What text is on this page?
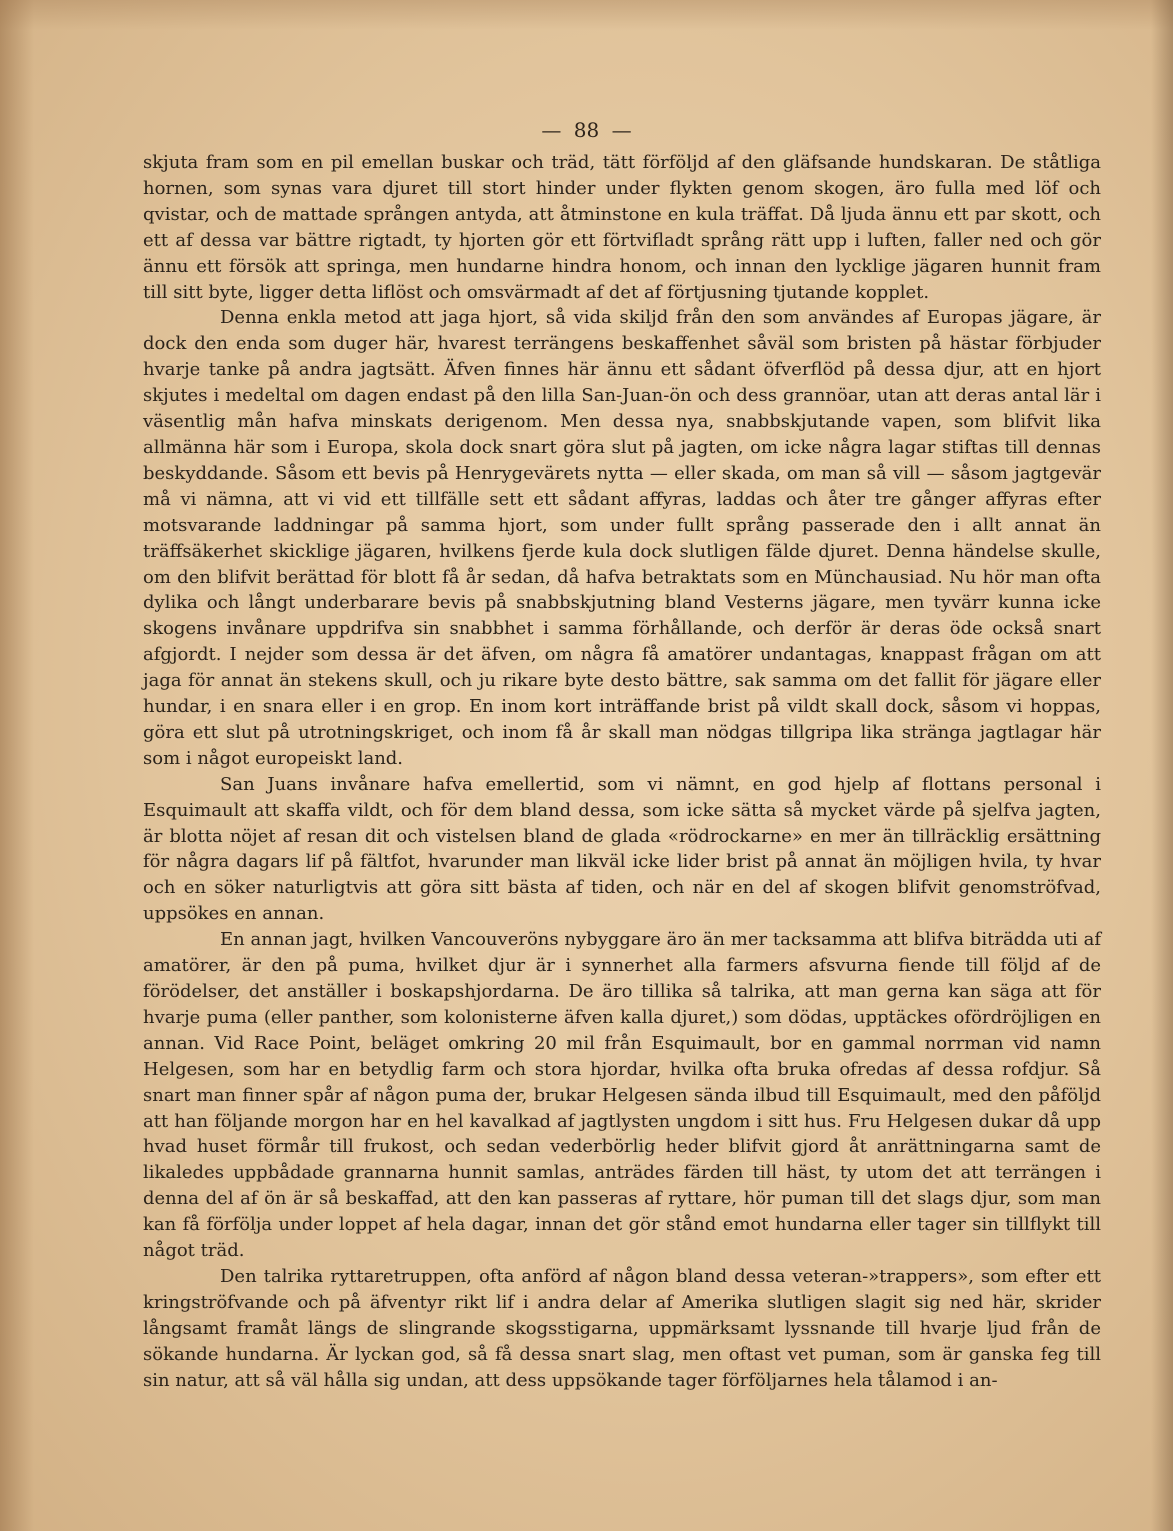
— 88 —

skjuta fram som en pil emellan buskar och träd, tätt förföljd af den gläfsande hundskaran. De ståtliga hornen, som synas vara djuret till stort hinder under flykten genom skogen, äro fulla med löf och qvistar, och de mattade sprången antyda, att åtminstone en kula träffat. Då ljuda ännu ett par skott, och ett af dessa var bättre rigtadt, ty hjorten gör ett förtvifladt språng rätt upp i luften, faller ned och gör ännu ett försök att springa, men hundarne hindra honom, och innan den lycklige jägaren hunnit fram till sitt byte, ligger detta liflöst och omsvärmadt af det af förtjusning tjutande kopplet.

Denna enkla metod att jaga hjort, så vida skiljd från den som användes af Europas jägare, är dock den enda som duger här, hvarest terrängens beskaffenhet såväl som bristen på hästar förbjuder hvarje tanke på andra jagtsätt. Äfven finnes här ännu ett sådant öfverflöd på dessa djur, att en hjort skjutes i medeltal om dagen endast på den lilla San-Juan-ön och dess grannöar, utan att deras antal lär i väsentlig mån hafva minskats derigenom. Men dessa nya, snabbskjutande vapen, som blifvit lika allmänna här som i Europa, skola dock snart göra slut på jagten, om icke några lagar stiftas till dennas beskyddande. Såsom ett bevis på Henrygevärets nytta — eller skada, om man så vill — såsom jagtgevär må vi nämna, att vi vid ett tillfälle sett ett sådant affyras, laddas och åter tre gånger affyras efter motsvarande laddningar på samma hjort, som under fullt språng passerade den i allt annat än träffsäkerhet skicklige jägaren, hvilkens fjerde kula dock slutligen fälde djuret. Denna händelse skulle, om den blifvit berättad för blott få år sedan, då hafva betraktats som en Münchausiad. Nu hör man ofta dylika och långt underbarare bevis på snabbskjutning bland Vesterns jägare, men tyvärr kunna icke skogens invånare uppdrifva sin snabbhet i samma förhållande, och derför är deras öde också snart afgjordt. I nejder som dessa är det äfven, om några få amatörer undantagas, knappast frågan om att jaga för annat än stekens skull, och ju rikare byte desto bättre, sak samma om det fallit för jägare eller hundar, i en snara eller i en grop. En inom kort inträffande brist på vildt skall dock, såsom vi hoppas, göra ett slut på utrotningskriget, och inom få år skall man nödgas tillgripa lika stränga jagtlagar här som i något europeiskt land.

San Juans invånare hafva emellertid, som vi nämnt, en god hjelp af flottans personal i Esquimault att skaffa vildt, och för dem bland dessa, som icke sätta så mycket värde på sjelfva jagten, är blotta nöjet af resan dit och vistelsen bland de glada «rödrockarne» en mer än tillräcklig ersättning för några dagars lif på fältfot, hvarunder man likväl icke lider brist på annat än möjligen hvila, ty hvar och en söker naturligtvis att göra sitt bästa af tiden, och när en del af skogen blifvit genomströfvad, uppsökes en annan.

En annan jagt, hvilken Vancouveröns nybyggare äro än mer tacksamma att blifva biträdda uti af amatörer, är den på puma, hvilket djur är i synnerhet alla farmers afsvurna fiende till följd af de förödelser, det anställer i boskapshjordarna. De äro tillika så talrika, att man gerna kan säga att för hvarje puma (eller panther, som kolonisterne äfven kalla djuret,) som dödas, upptäckes ofördröjligen en annan. Vid Race Point, beläget omkring 20 mil från Esquimault, bor en gammal norrman vid namn Helgesen, som har en betydlig farm och stora hjordar, hvilka ofta bruka ofredas af dessa rofdjur. Så snart man finner spår af någon puma der, brukar Helgesen sända ilbud till Esquimault, med den påföljd att han följande morgon har en hel kavalkad af jagtlysten ungdom i sitt hus. Fru Helgesen dukar då upp hvad huset förmår till frukost, och sedan vederbörlig heder blifvit gjord åt anrättningarna samt de likaledes uppbådade grannarna hunnit samlas, anträdes färden till häst, ty utom det att terrängen i denna del af ön är så beskaffad, att den kan passeras af ryttare, hör puman till det slags djur, som man kan få förfölja under loppet af hela dagar, innan det gör stånd emot hundarna eller tager sin tillflykt till något träd.

Den talrika ryttaretruppen, ofta anförd af någon bland dessa veteran-»trappers», som efter ett kringströfvande och på äfventyr rikt lif i andra delar af Amerika slutligen slagit sig ned här, skrider långsamt framåt längs de slingrande skogsstigarna, uppmärksamt lyssnande till hvarje ljud från de sökande hundarna. Är lyckan god, så få dessa snart slag, men oftast vet puman, som är ganska feg till sin natur, att så väl hålla sig undan, att dess uppsökande tager förföljarnes hela tålamod i an-
